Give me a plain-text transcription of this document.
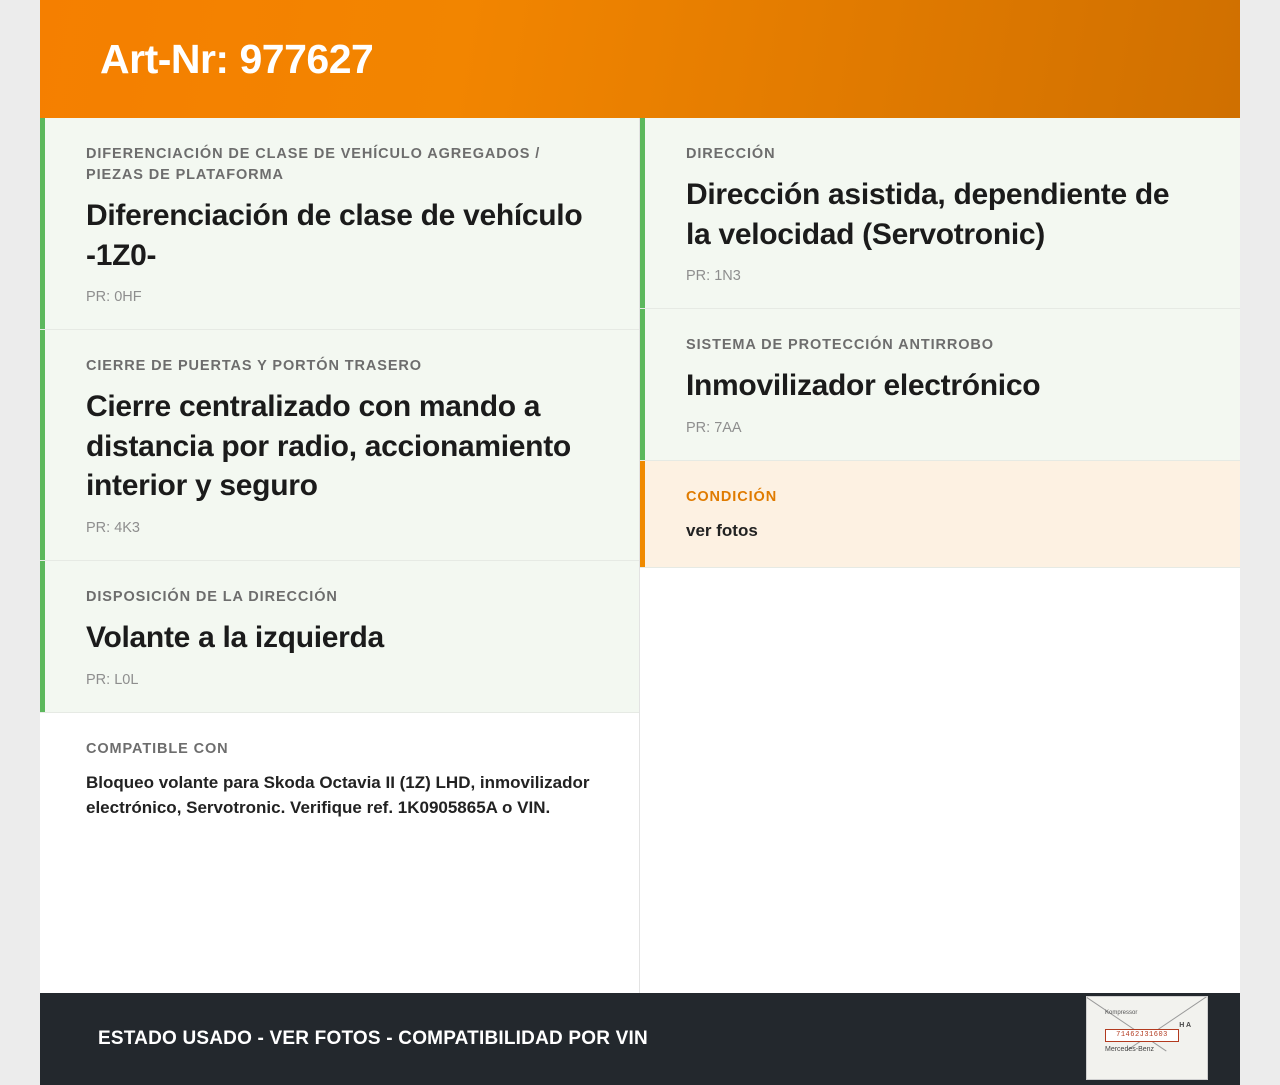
Art-Nr: 977627
DIFERENCIACIÓN DE CLASE DE VEHÍCULO AGREGADOS / PIEZAS DE PLATAFORMA
Diferenciación de clase de vehículo -1Z0-
PR: 0HF
CIERRE DE PUERTAS Y PORTÓN TRASERO
Cierre centralizado con mando a distancia por radio, accionamiento interior y seguro
PR: 4K3
DISPOSICIÓN DE LA DIRECCIÓN
Volante a la izquierda
PR: L0L
COMPATIBLE CON
Bloqueo volante para Skoda Octavia II (1Z) LHD, inmovilizador electrónico, Servotronic. Verifique ref. 1K0905865A o VIN.
DIRECCIÓN
Dirección asistida, dependiente de la velocidad (Servotronic)
PR: 1N3
SISTEMA DE PROTECCIÓN ANTIRROBO
Inmovilizador electrónico
PR: 7AA
CONDICIÓN
ver fotos
ESTADO USADO - VER FOTOS - COMPATIBILIDAD POR VIN
Kompressor
H A
71462J31603
Mercedes-Benz
